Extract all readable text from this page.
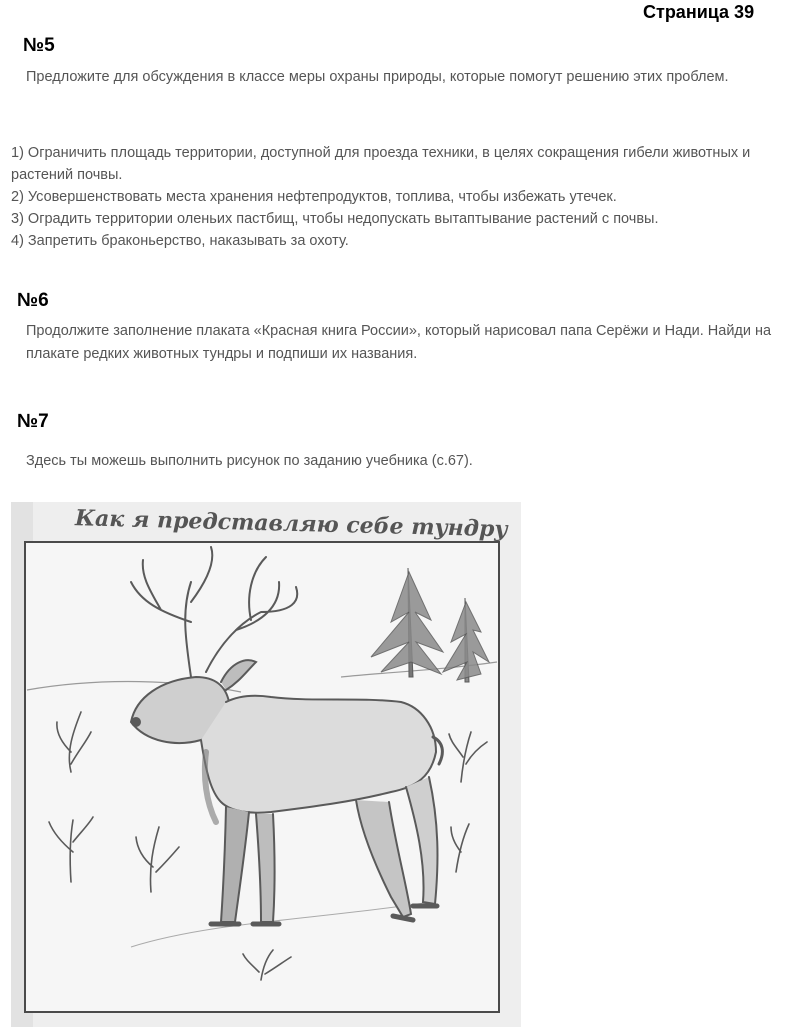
Страница 39
№5
Предложите для обсуждения в классе меры охраны природы, которые помогут решению этих проблем.
1) Ограничить площадь территории, доступной для проезда техники, в целях сокращения гибели животных и растений почвы.
2) Усовершенствовать места хранения нефтепродуктов, топлива, чтобы избежать утечек.
3) Оградить территории оленьих пастбищ, чтобы недопускать вытаптывание растений с почвы.
4) Запретить браконьерство, наказывать за охоту.
№6
Продолжите заполнение плаката «Красная книга России», который нарисовал папа Серёжи и Нади. Найди на плакате редких животных тундры и подпиши их названия.
№7
Здесь ты можешь выполнить рисунок по заданию учебника (с.67).
Как я представляю себе тундру
